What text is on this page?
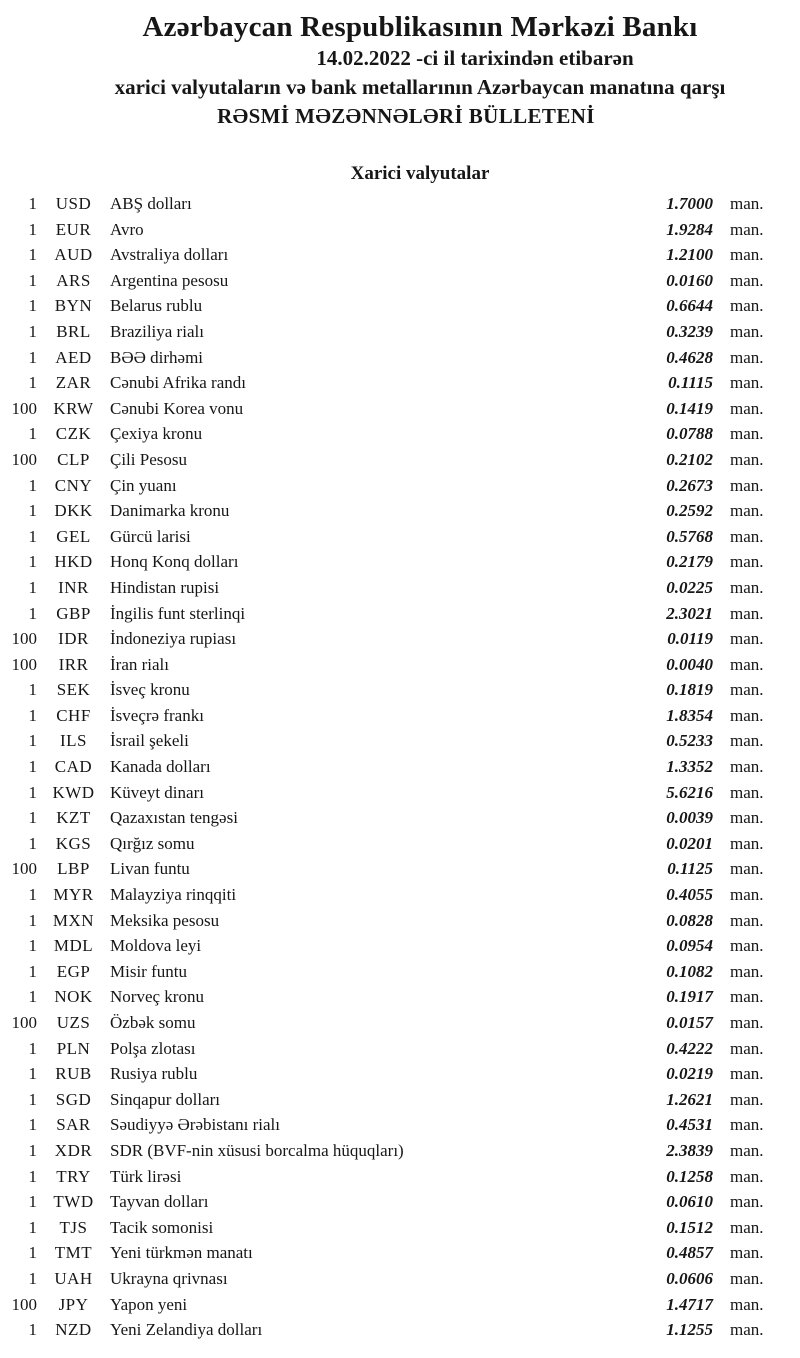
Azərbaycan Respublikasının Mərkəzi Bankı
14.02.2022 -ci il tarixindən etibarən
xarici valyutaların və bank metallarının Azərbaycan manatına qarşı
RƏSMİ MƏZƏNNƏLƏRİ BÜLLETENİ
Xarici valyutalar
1	USD	ABŞ dolları	1.7000	man.
1	EUR	Avro	1.9284	man.
1	AUD	Avstraliya dolları	1.2100	man.
1	ARS	Argentina pesosu	0.0160	man.
1	BYN	Belarus rublu	0.6644	man.
1	BRL	Braziliya rialı	0.3239	man.
1	AED	BƏƏ dirhəmi	0.4628	man.
1	ZAR	Cənubi Afrika randı	0.1115	man.
100 KRW Cənubi Korea vonu	0.1419	man.
1	CZK	Çexiya kronu	0.0788	man.
100	CLP	Çili Pesosu	0.2102	man.
1	CNY	Çin yuanı	0.2673	man.
1	DKK	Danimarka kronu	0.2592	man.
1	GEL	Gürcü larisi	0.5768	man.
1	HKD	Honq Konq dolları	0.2179	man.
1	INR	Hindistan rupisi	0.0225	man.
1	GBP	İngilis funt sterlinqi	2.3021	man.
100	IDR	İndoneziya rupiası	0.0119	man.
100	IRR	İran rialı	0.0040	man.
1	SEK	İsveç kronu	0.1819	man.
1	CHF	İsveçrə frankı	1.8354	man.
1	ILS	İsrail şekeli	0.5233	man.
1	CAD	Kanada dolları	1.3352	man.
1 KWD Küveyt dinarı	5.6216	man.
1	KZT	Qazaxıstan tengəsi	0.0039	man.
1	KGS	Qırğız somu	0.0201	man.
100	LBP	Livan funtu	0.1125	man.
1 MYR Malayziya rinqqiti	0.4055	man.
1 MXN Meksika pesosu	0.0828	man.
1 MDL Moldova leyi	0.0954	man.
1	EGP	Misir funtu	0.1082	man.
1	NOK	Norveç kronu	0.1917	man.
100	UZS	Özbək somu	0.0157	man.
1	PLN	Polşa zlotası	0.4222	man.
1	RUB	Rusiya rublu	0.0219	man.
1	SGD	Sinqapur dolları	1.2621	man.
1	SAR	Səudiyyə Ərəbistanı rialı	0.4531	man.
1	XDR	SDR (BVF-nin xüsusi borcalma hüquqları)	2.3839	man.
1	TRY	Türk lirəsi	0.1258	man.
1 TWD Tayvan dolları	0.0610	man.
1	TJS	Tacik somonisi	0.1512	man.
1	TMT	Yeni türkmən manatı	0.4857	man.
1	UAH	Ukrayna qrivnası	0.0606	man.
100	JPY	Yapon yeni	1.4717	man.
1	NZD	Yeni Zelandiya dolları	1.1255	man.
